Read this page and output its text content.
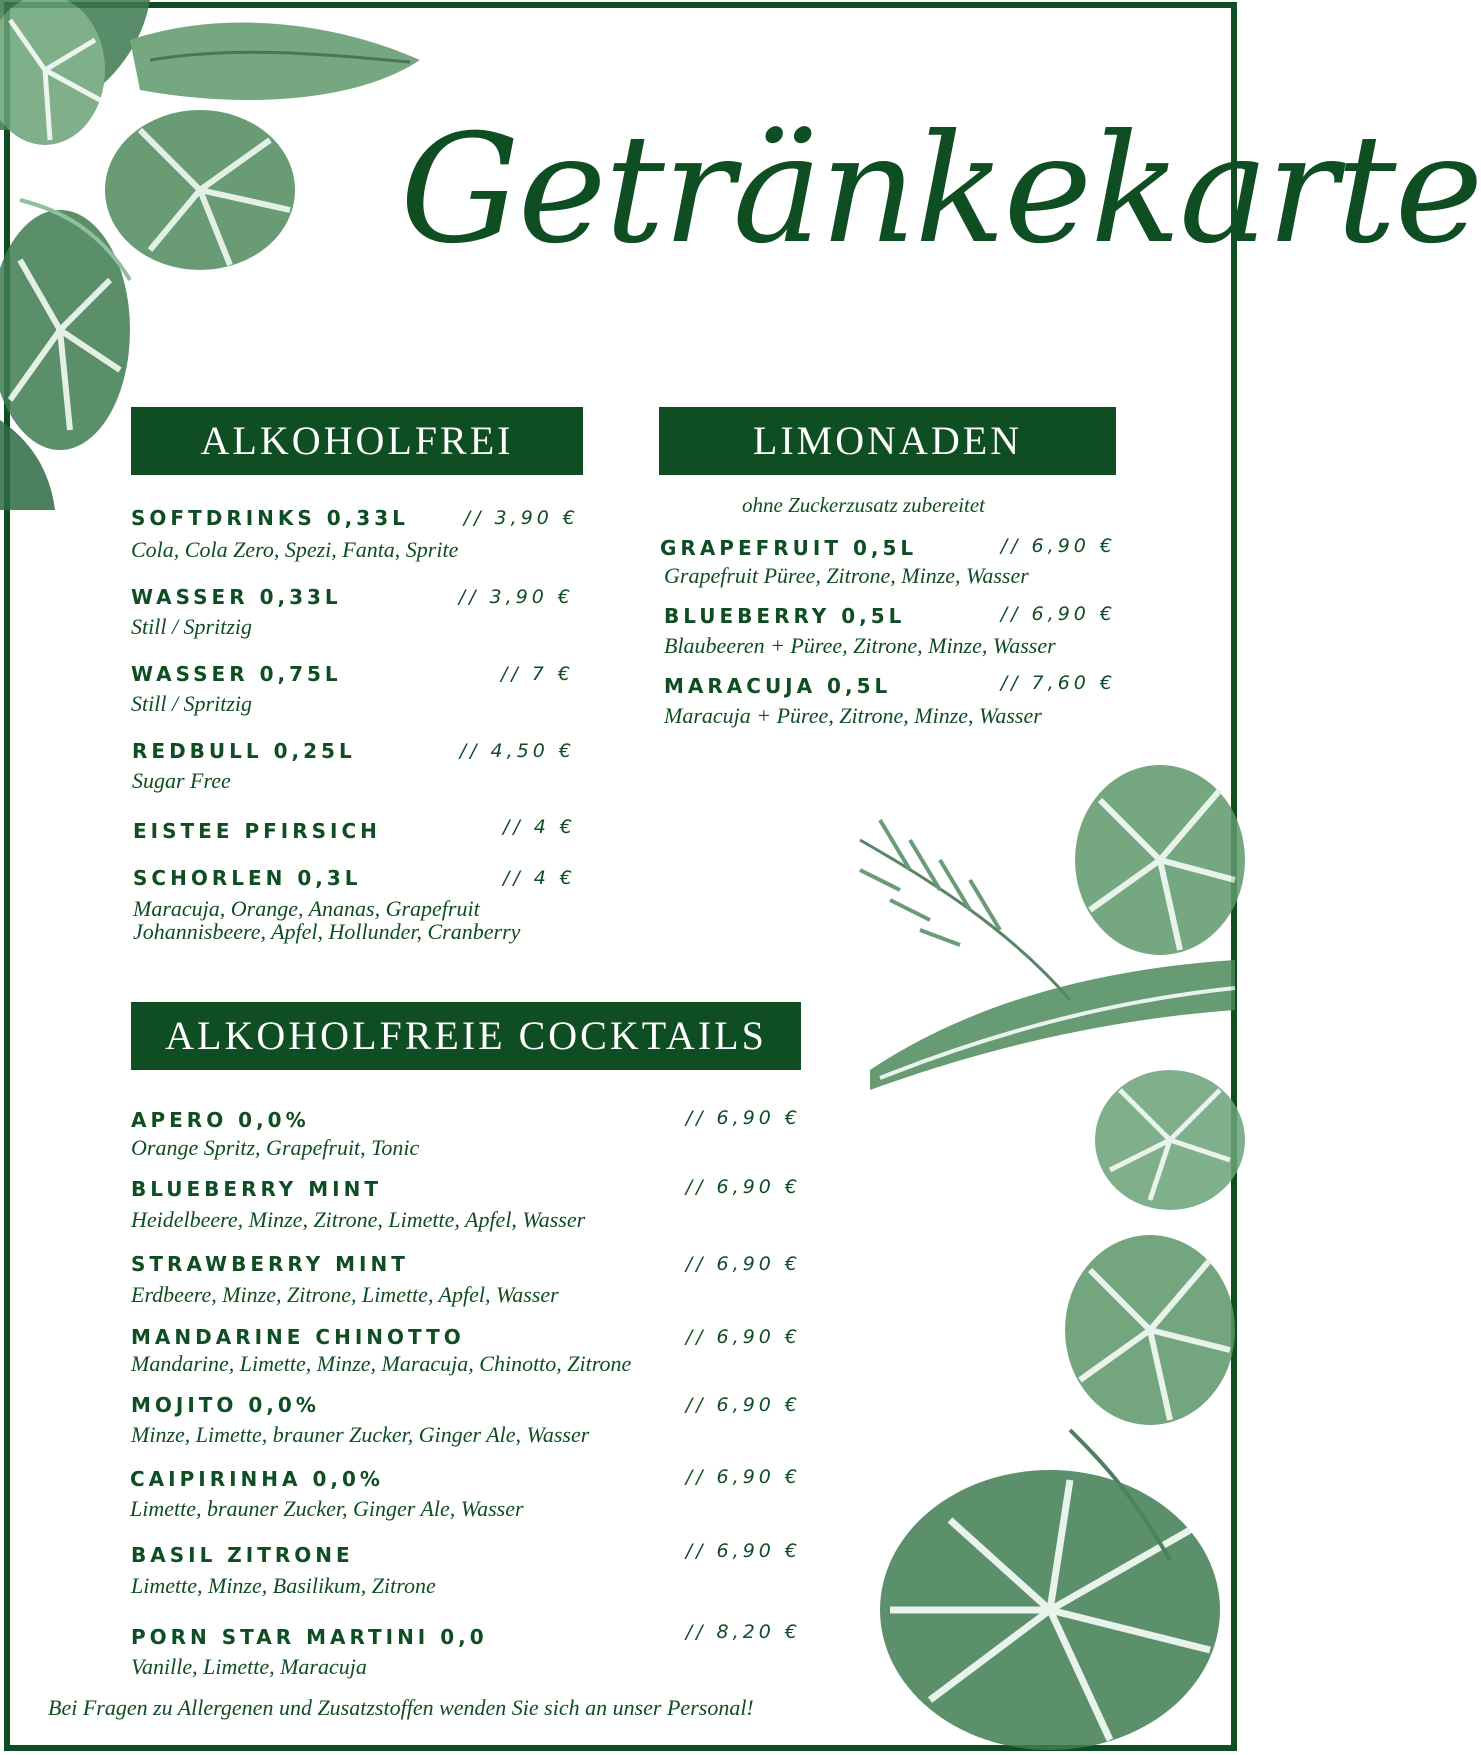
Getränkekarte
ALKOHOLFREI
SOFTDRINKS 0,33L	// 3,90 €
Cola, Cola Zero, Spezi, Fanta, Sprite
WASSER 0,33L	// 3,90 €
Still / Spritzig
WASSER 0,75L	// 7 €
Still / Spritzig
REDBULL 0,25L	// 4,50 €
Sugar Free
EISTEE PFIRSICH	// 4 €
SCHORLEN 0,3L	// 4 €
Maracuja, Orange, Ananas, Grapefruit
Johannisbeere, Apfel, Hollunder, Cranberry
LIMONADEN
ohne Zuckerzusatz zubereitet
GRAPEFRUIT 0,5L	// 6,90 €
Grapefruit Püree, Zitrone, Minze, Wasser
BLUEBERRY 0,5L	// 6,90 €
Blaubeeren + Püree, Zitrone, Minze, Wasser
MARACUJA 0,5L	// 7,60 €
Maracuja + Püree, Zitrone, Minze, Wasser
ALKOHOLFREIE COCKTAILS
APERO 0,0%	// 6,90 €
Orange Spritz, Grapefruit, Tonic
BLUEBERRY MINT	// 6,90 €
Heidelbeere, Minze, Zitrone, Limette, Apfel, Wasser
STRAWBERRY MINT	// 6,90 €
Erdbeere, Minze, Zitrone, Limette, Apfel, Wasser
MANDARINE CHINOTTO	// 6,90 €
Mandarine, Limette, Minze, Maracuja, Chinotto, Zitrone
MOJITO 0,0%	// 6,90 €
Minze, Limette, brauner Zucker, Ginger Ale, Wasser
CAIPIRINHA 0,0%	// 6,90 €
Limette, brauner Zucker, Ginger Ale, Wasser
BASIL ZITRONE	// 6,90 €
Limette, Minze, Basilikum, Zitrone
PORN STAR MARTINI 0,0	// 8,20 €
Vanille, Limette, Maracuja
Bei Fragen zu Allergenen und Zusatzstoffen wenden Sie sich an unser Personal!
